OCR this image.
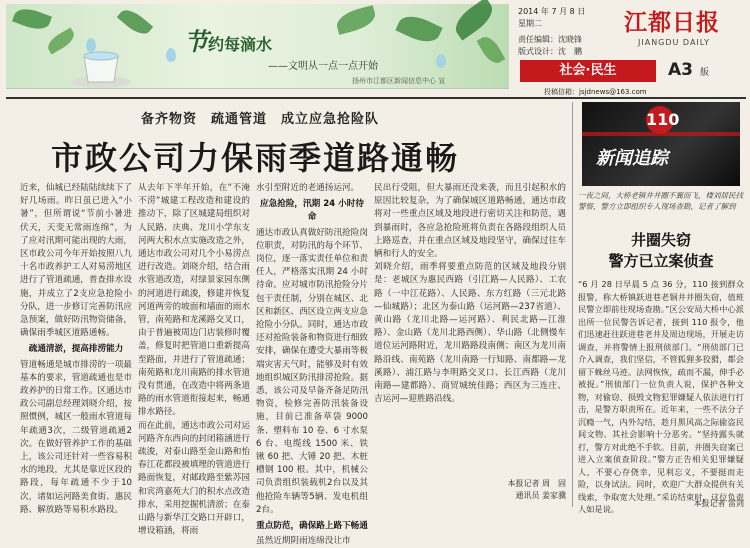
节约每滴水
——文明从一点一点开始
扬州市江都区新闻信息中心 宣
2014 年 7 月 8 日
星期二
责任编辑：沈晓锋
版式设计：沈　鹏
江都日报
JIANGDU DAILY
社会·民生	A3 版
投稿信箱：jsjdnews@163.com
备齐物资　疏通管道　成立应急抢险队
市政公司力保雨季道路通畅
近来，仙城已经陆陆续续下了好几场雨。昨日虽已进入“小暑”，但所谓说“节前小暑进伏天，天变无常雨连绵”，为了应对汛期可能出现的大雨，区市政公司今年开始按照八九十名市政养护工人对易涝地区进行了管道疏通，普查排水设施，并成立了2支应急抢险小分队，进一步修订完善防汛应急预案，做好防汛物资储备，确保雨季城区道路通畅。
疏通清淤，提高排涝能力
管道畅通是城市排涝的一项最基本的要求，管道疏通也是市政养护的日常工作。区通达市政公司副总经理刘晓介绍，按照惯例，城区一般雨水管道每年疏通3次，二级管道疏通2次。在做好管养护工作的基础上，该公司还针对一些容易积水的地段，尤其是靠近区段的路段，每年疏通不少于10次，诸如运河路美食街、惠民路、解放路等易积水路段。
从去年下半年开始，在“不淹不涝”城建工程改造和建设的推动下，除了区城建局组织对人民路、庆典、龙川小学东支河两大积水点实施改造之外，通达市政公司对几个小易涝点进行改造。刘晓介绍，结合雨水管道改造，对绿景家园东侧的河道进行疏浚，修建并恢复河道两旁的坡面和墙面的雨水管，南苑路和龙溪路交叉口，由于普遍被周边门店装修时覆盖，修复时把管道口重新提高至路面，并进行了管道疏通；南苑路和龙川南路的排水管道没有贯通，在改造中将两条道路的雨水管道衔接起来，畅通排水路径。
而在此前，通达市政公司对运河路齐东西向的封闭箱涵进行疏浚，对泰山路至金山路和怡春江花都段被填埋的管道进行路面恢复，对邮政路至紫苏园和宾湾嘉苑大门的积水点改造排水，采用挖掘机清淤；在泰山路与新华江交路口开辟口，增设箱涵，将雨
水引至附近的老通扬运河。
应急抢险，汛期 24 小时待命
通达市政认真做好防汛抢险岗位职责，对防汛的每个环节、岗位，逐一落实责任单位和责任人，严格落实汛期 24 小时待命。应对城市防汛抢险分片包干责任制，分别在城区、北区和新区、西区设立两支应急抢险小分队。同时，通达市政还对抢险装备和物资进行细致安排，确保在遭受大暴雨等极端灾害天气时，能够及时有效地组织城区防汛排涝抢险。据悉，该公司及早备齐备足防汛物资，检修完善防汛装备设施，目前已准备草袋 9000 条、塑料布 10 卷、6 寸水泵 6 台、电缆线 1500 米、铁锹 60 把、大锤 20 把、木桩槽钢 100 根。其中，机械公司负责组织装载机2台以及其他抢险车辆等5辆、发电机组2台。
重点防范，确保路上路下畅通
虽然近期阴雨连绵没让市
民出行受阻，但大暴雨还没来袭，而且引起积水的原因比较复杂，为了确保城区道路畅通，通达市政将对一些重点区域及地段进行密切关注和防范，遇到暴雨时，各应急抢险班将负责在各路段组织人员上路巡查，并在重点区域及地段坚守，确保过往车辆和行人的安全。
刘晓介绍，雨季将要重点防范的区域及地段分别是：老城区为惠民西路（引江路—人民路）、工农路（一中江花路）、人民路、东方红路（三元北路—仙城路）；北区为泰山路（运河路—237省道）、黄山路（龙川北路—运河路）、利民北路—江淮路）、金山路（龙川北路西侧）、华山路（北侧慢车道位运河路附近，龙川路路段南侧；南区为龙川南路沿线、南苑路（龙川南路一行知路、南都路—龙溪路）、浦江路与李明路交叉口、长江西路（龙川南路—建都路）、商贸城统佳路；西区为三连庄、吉运河—迎胜路沿线。
本报记者 周　固
通讯员 姜家骥
110
新闻追踪
一夜之间，大桥老镇井井圈不翼而飞，楼刘居民找警察，警方立即组织专人现场查勘，记者了解到
井圈失窃
警方已立案侦查
“6 月 28 日早晨 5 点 36 分，110 接到群众报警，称大桥镇跃进巷老铜井井圈失窃，值班民警立即前往现场查勘。”区公安局大桥中心派出所一位民警告诉记者，接到 110 报令，他们迅速赶往跃进巷老井及周边现场，开展走访调查，并将警情上报刑侦部门。“刑侦部门已介入调查，我们坚信，不管狐狸多狡猾，都会留下蛛丝马迹。法网恢恢，疏而不漏，伸手必被捉。”刑侦部门一位负责人说，保护各种文物，对偷窃、损毁文物犯罪嫌疑人依法进行打击，是警方职责所在。近年来，一些不法分子沉瘾一气，内外勾结，趁月黑风高之际偷盗民间文物。其社会影响十分恶劣。“坚持露头就打，警方对此绝不手软。目前，井圈失窃案已进入立案侦查阶段。”警方正告相关犯罪嫌疑人，不要心存侥幸，见利忘义，不要挺而走险，以身试法。同时，欢迎广大群众提供有关线索，争取宽大处理。”采访结束时，这位负责人如是说。
本报记者 雷剑
